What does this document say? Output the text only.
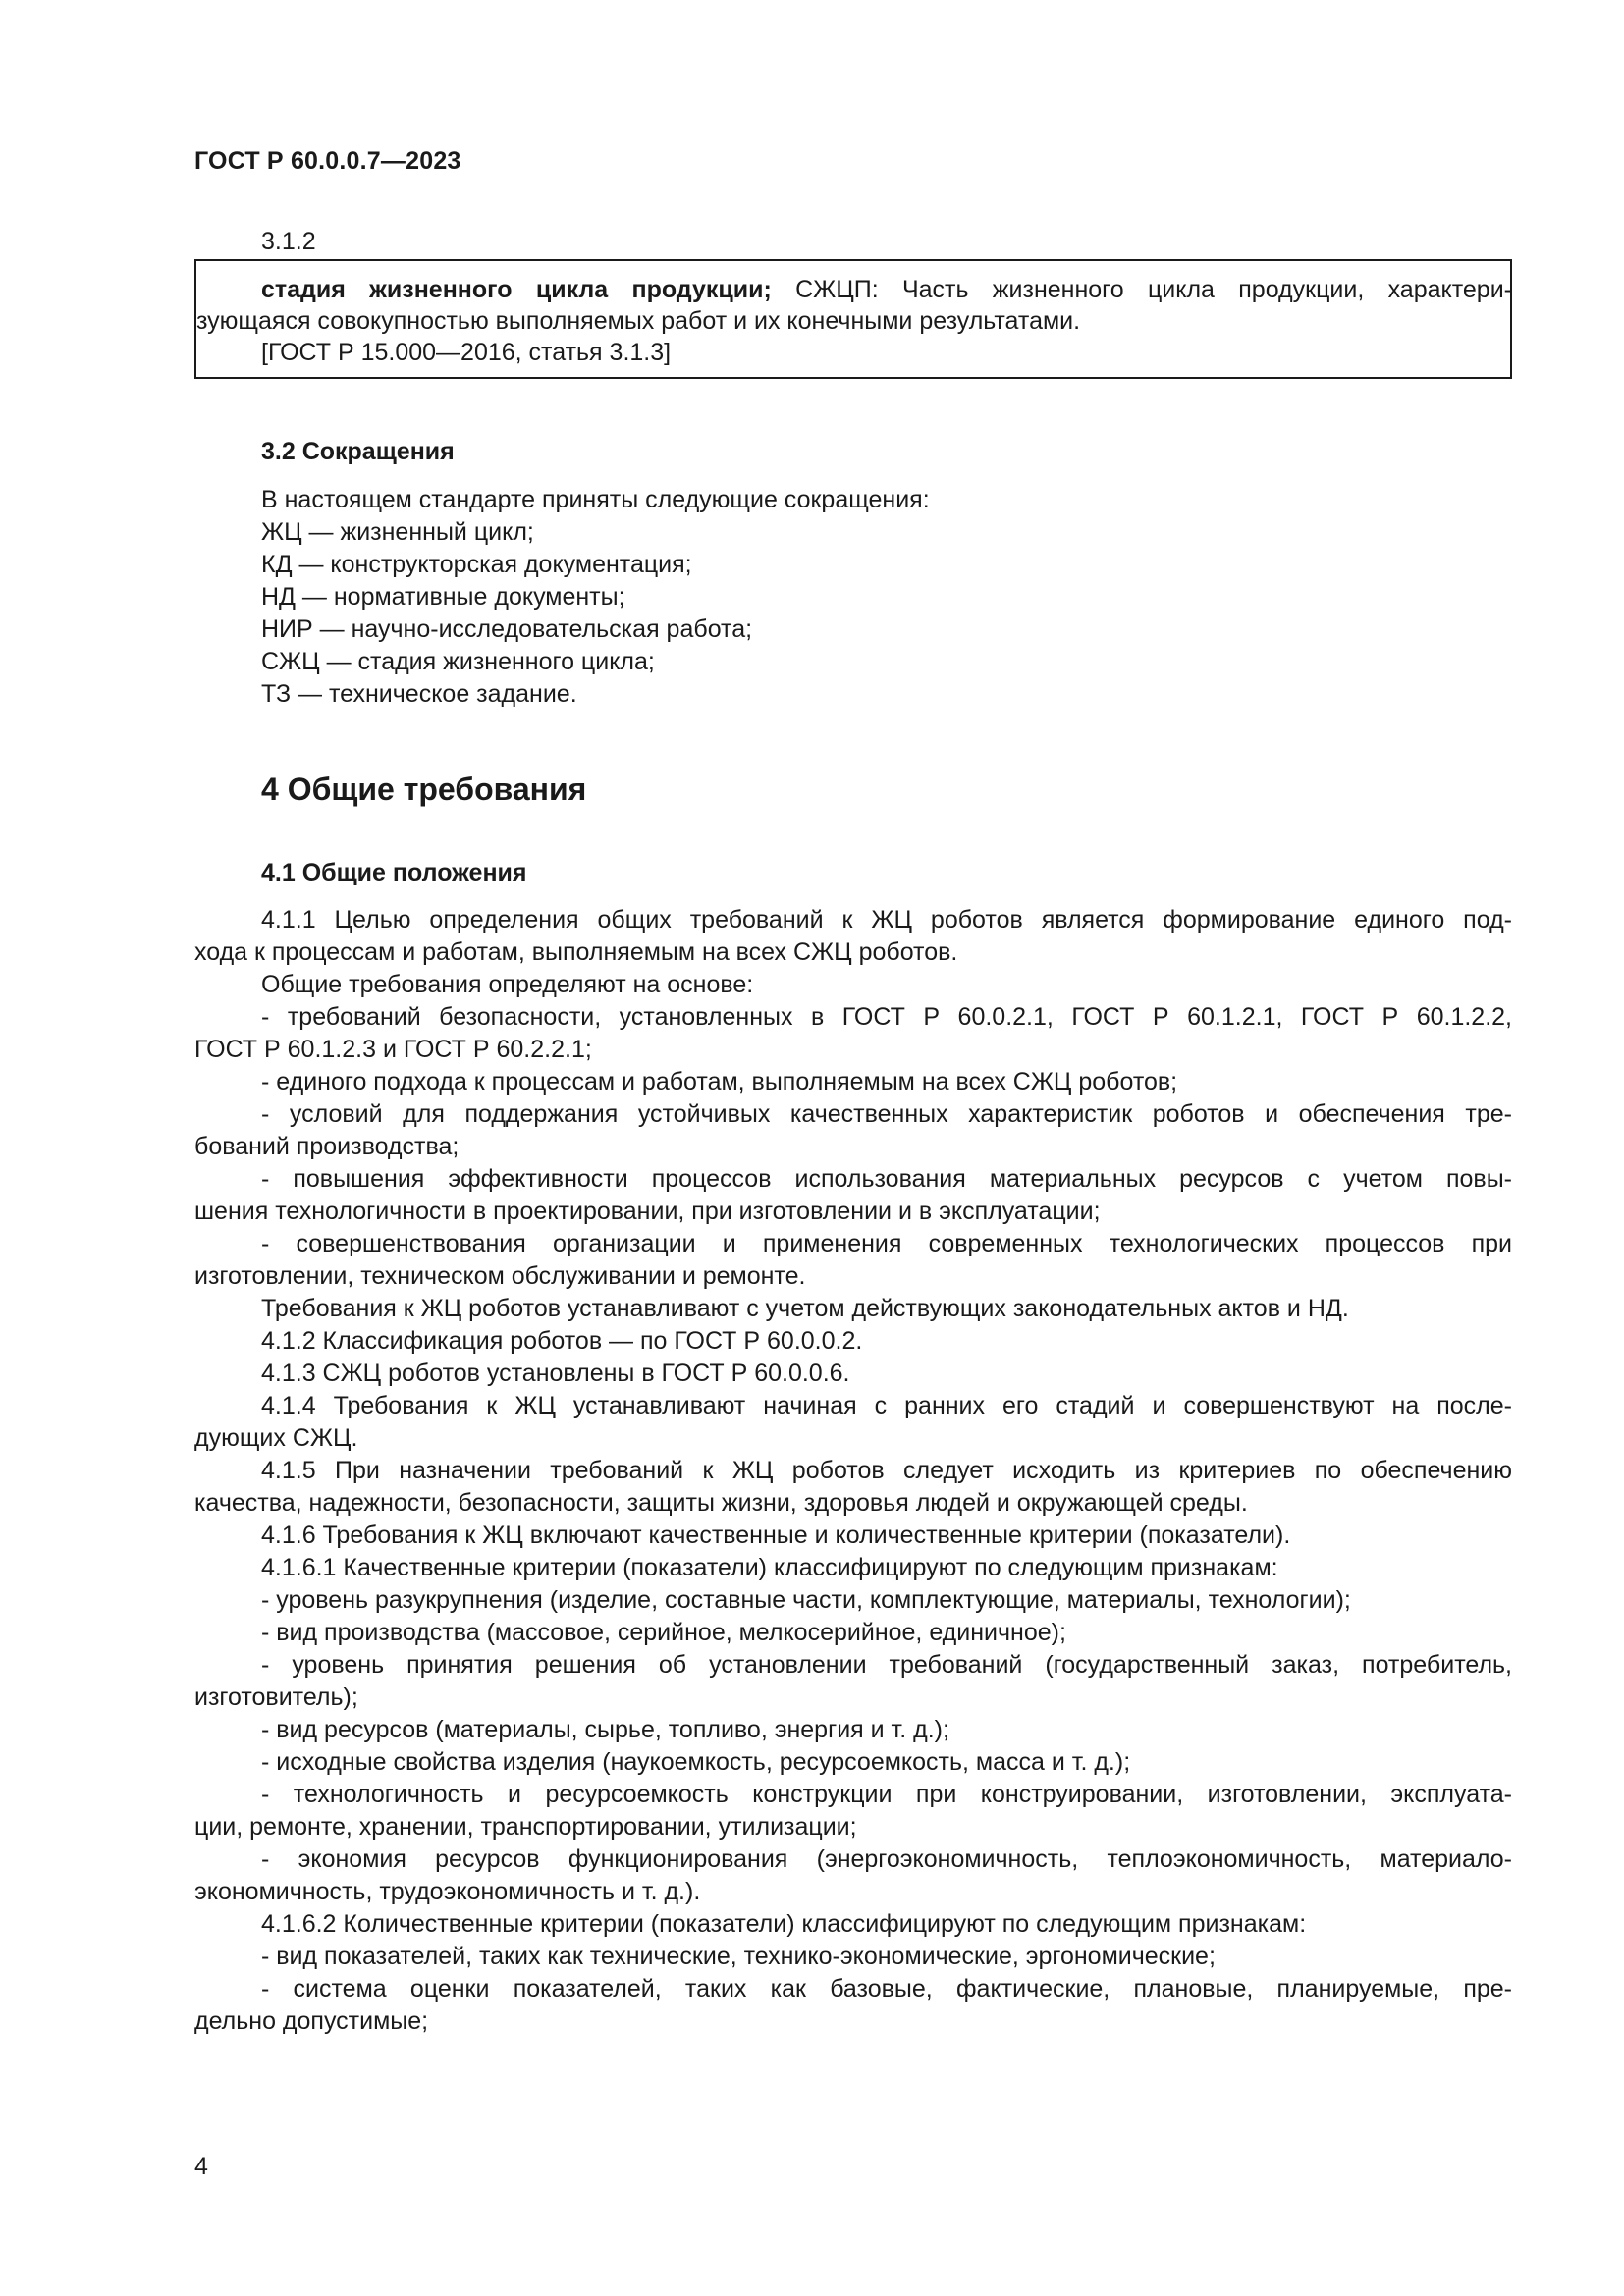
ГОСТ Р 60.0.0.7—2023
3.1.2
стадия жизненного цикла продукции; СЖЦП: Часть жизненного цикла продукции, характери-
зующаяся совокупностью выполняемых работ и их конечными результатами.
[ГОСТ Р 15.000—2016, статья 3.1.3]
3.2 Сокращения
В настоящем стандарте приняты следующие сокращения:
ЖЦ — жизненный цикл;
КД — конструкторская документация;
НД — нормативные документы;
НИР — научно-исследовательская работа;
СЖЦ — стадия жизненного цикла;
ТЗ — техническое задание.
4 Общие требования
4.1 Общие положения
4.1.1 Целью определения общих требований к ЖЦ роботов является формирование единого под-
хода к процессам и работам, выполняемым на всех СЖЦ роботов.
Общие требования определяют на основе:
- требований безопасности, установленных в ГОСТ Р 60.0.2.1, ГОСТ Р 60.1.2.1, ГОСТ Р 60.1.2.2,
ГОСТ Р 60.1.2.3 и ГОСТ Р 60.2.2.1;
- единого подхода к процессам и работам, выполняемым на всех СЖЦ роботов;
- условий для поддержания устойчивых качественных характеристик роботов и обеспечения тре-
бований производства;
- повышения эффективности процессов использования материальных ресурсов с учетом повы-
шения технологичности в проектировании, при изготовлении и в эксплуатации;
- совершенствования организации и применения современных технологических процессов при
изготовлении, техническом обслуживании и ремонте.
Требования к ЖЦ роботов устанавливают с учетом действующих законодательных актов и НД.
4.1.2 Классификация роботов — по ГОСТ Р 60.0.0.2.
4.1.3 СЖЦ роботов установлены в ГОСТ Р 60.0.0.6.
4.1.4 Требования к ЖЦ устанавливают начиная с ранних его стадий и совершенствуют на после-
дующих СЖЦ.
4.1.5 При назначении требований к ЖЦ роботов следует исходить из критериев по обеспечению
качества, надежности, безопасности, защиты жизни, здоровья людей и окружающей среды.
4.1.6 Требования к ЖЦ включают качественные и количественные критерии (показатели).
4.1.6.1 Качественные критерии (показатели) классифицируют по следующим признакам:
- уровень разукрупнения (изделие, составные части, комплектующие, материалы, технологии);
- вид производства (массовое, серийное, мелкосерийное, единичное);
- уровень принятия решения об установлении требований (государственный заказ, потребитель,
изготовитель);
- вид ресурсов (материалы, сырье, топливо, энергия и т. д.);
- исходные свойства изделия (наукоемкость, ресурсоемкость, масса и т. д.);
- технологичность и ресурсоемкость конструкции при конструировании, изготовлении, эксплуата-
ции, ремонте, хранении, транспортировании, утилизации;
- экономия ресурсов функционирования (энергоэкономичность, теплоэкономичность, материало-
экономичность, трудоэкономичность и т. д.).
4.1.6.2 Количественные критерии (показатели) классифицируют по следующим признакам:
- вид показателей, таких как технические, технико-экономические, эргономические;
- система оценки показателей, таких как базовые, фактические, плановые, планируемые, пре-
дельно допустимые;
4
